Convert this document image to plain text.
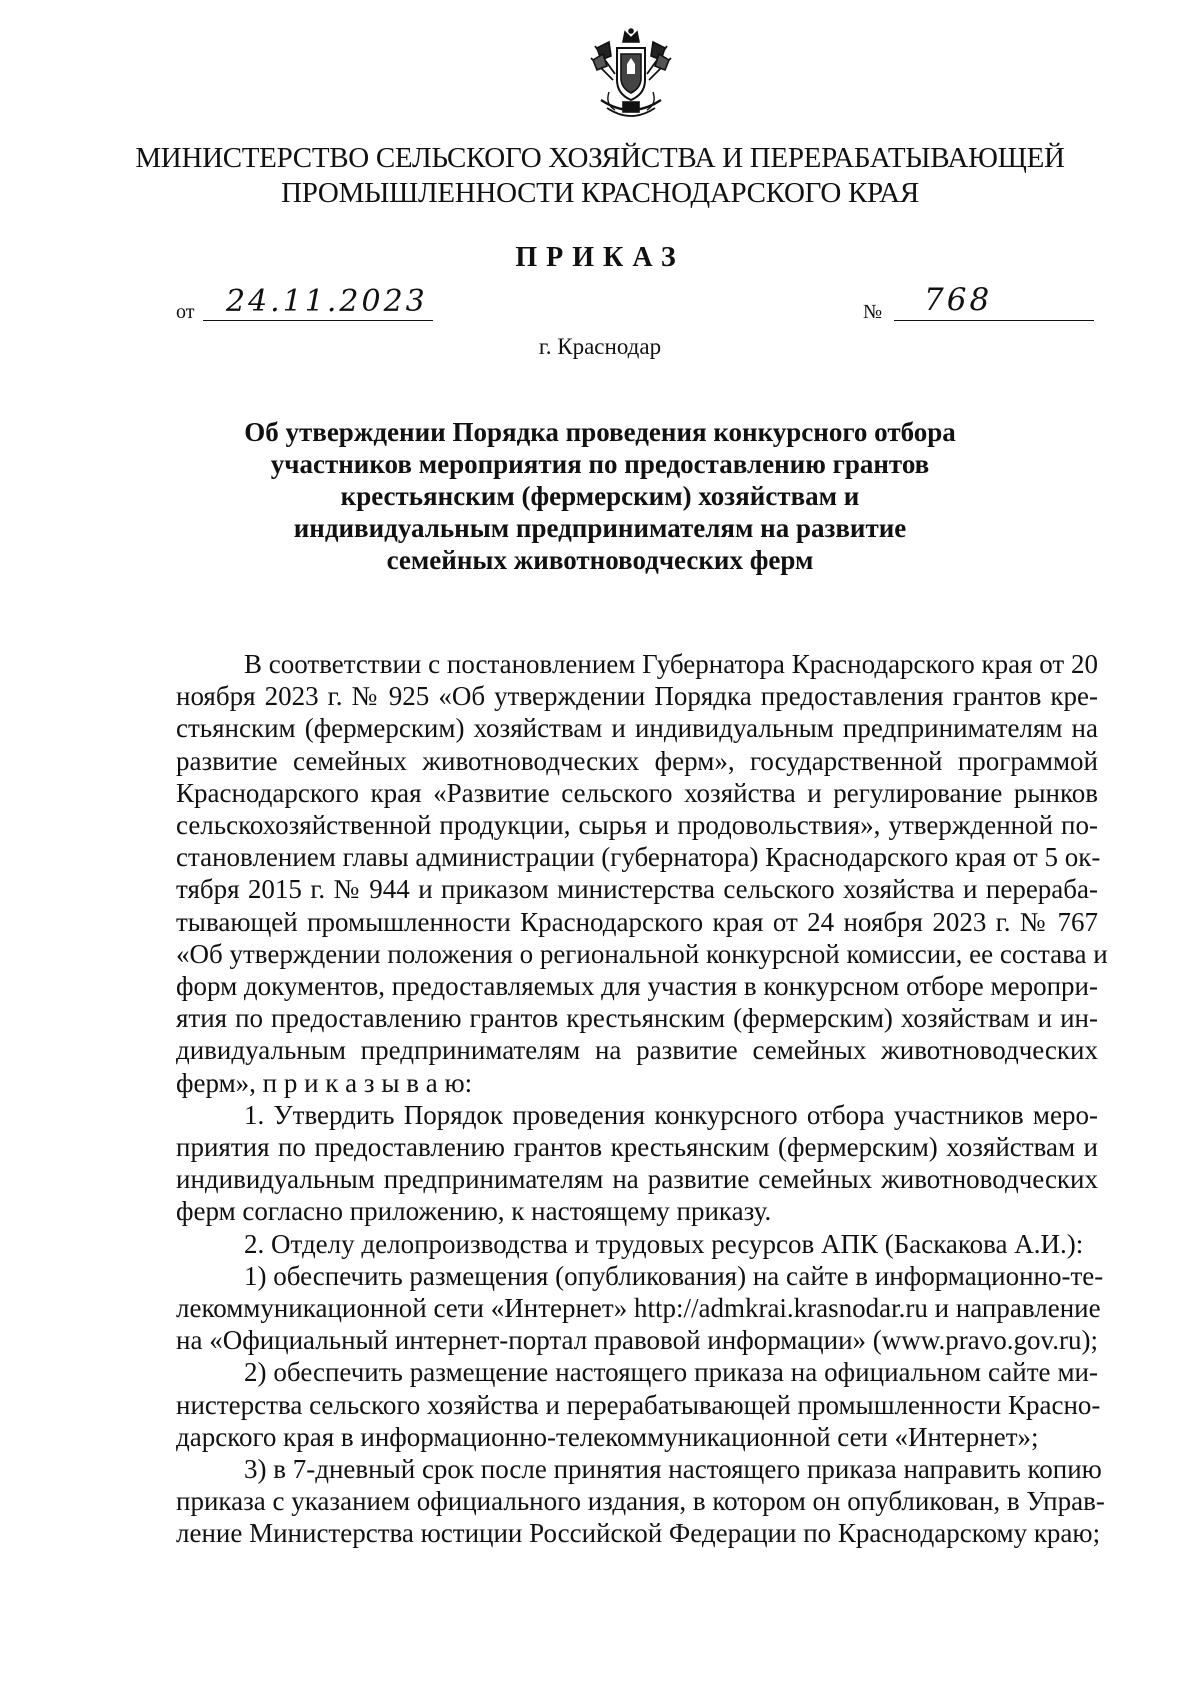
МИНИСТЕРСТВО СЕЛЬСКОГО ХОЗЯЙСТВА И ПЕРЕРАБАТЫВАЮЩЕЙ
ПРОМЫШЛЕННОСТИ КРАСНОДАРСКОГО КРАЯ
ПРИКАЗ
от 24.11.2023	№ 768
г. Краснодар
Об утверждении Порядка проведения конкурсного отбора
участников мероприятия по предоставлению грантов
крестьянским (фермерским) хозяйствам и
индивидуальным предпринимателям на развитие
семейных животноводческих ферм
В соответствии с постановлением Губернатора Краснодарского края от 20
ноября 2023 г. № 925 «Об утверждении Порядка предоставления грантов кре-
стьянским (фермерским) хозяйствам и индивидуальным предпринимателям на
развитие семейных животноводческих ферм», государственной программой
Краснодарского края «Развитие сельского хозяйства и регулирование рынков
сельскохозяйственной продукции, сырья и продовольствия», утвержденной по-
становлением главы администрации (губернатора) Краснодарского края от 5 ок-
тября 2015 г. № 944 и приказом министерства сельского хозяйства и перераба-
тывающей промышленности Краснодарского края от 24 ноября 2023 г. № 767
«Об утверждении положения о региональной конкурсной комиссии, ее состава и
форм документов, предоставляемых для участия в конкурсном отборе меропри-
ятия по предоставлению грантов крестьянским (фермерским) хозяйствам и ин-
дивидуальным предпринимателям на развитие семейных животноводческих
ферм», п р и к а з ы в а ю:
1. Утвердить Порядок проведения конкурсного отбора участников меро-
приятия по предоставлению грантов крестьянским (фермерским) хозяйствам и
индивидуальным предпринимателям на развитие семейных животноводческих
ферм согласно приложению, к настоящему приказу.
2. Отделу делопроизводства и трудовых ресурсов АПК (Баскакова А.И.):
1) обеспечить размещения (опубликования) на сайте в информационно-те-
лекоммуникационной сети «Интернет» http://admkrai.krasnodar.ru и направление
на «Официальный интернет-портал правовой информации» (www.pravo.gov.ru);
2) обеспечить размещение настоящего приказа на официальном сайте ми-
нистерства сельского хозяйства и перерабатывающей промышленности Красно-
дарского края в информационно-телекоммуникационной сети «Интернет»;
3) в 7-дневный срок после принятия настоящего приказа направить копию
приказа с указанием официального издания, в котором он опубликован, в Управ-
ление Министерства юстиции Российской Федерации по Краснодарскому краю;
